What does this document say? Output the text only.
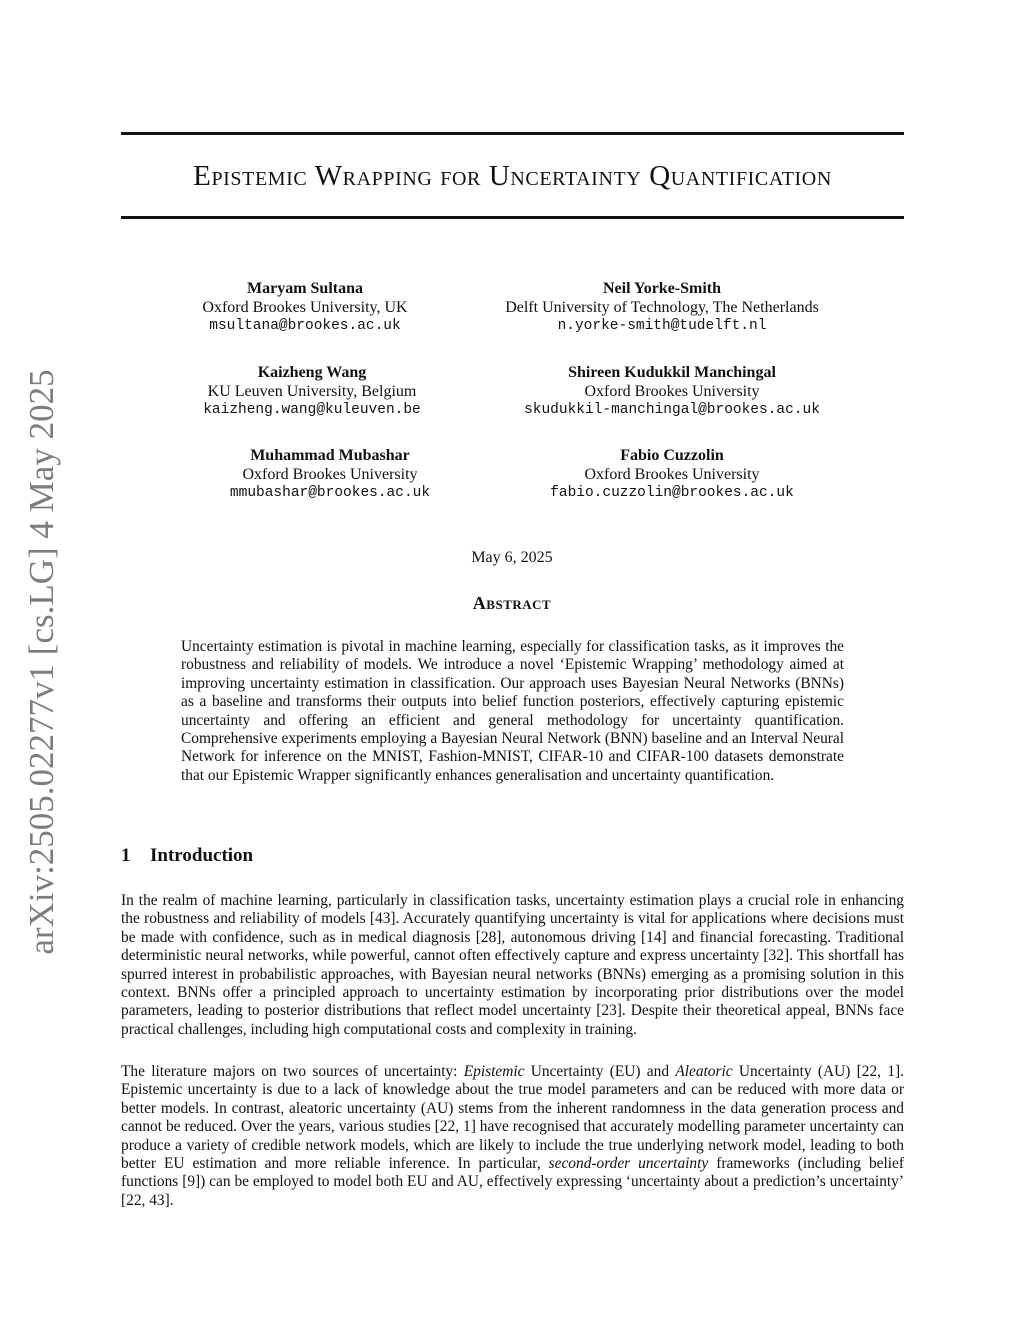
arXiv:2505.02277v1 [cs.LG] 4 May 2025
Epistemic Wrapping for Uncertainty Quantification
Maryam Sultana
Oxford Brookes University, UK
msultana@brookes.ac.uk
Neil Yorke-Smith
Delft University of Technology, The Netherlands
n.yorke-smith@tudelft.nl
Kaizheng Wang
KU Leuven University, Belgium
kaizheng.wang@kuleuven.be
Shireen Kudukkil Manchingal
Oxford Brookes University
skudukkil-manchingal@brookes.ac.uk
Muhammad Mubashar
Oxford Brookes University
mmubashar@brookes.ac.uk
Fabio Cuzzolin
Oxford Brookes University
fabio.cuzzolin@brookes.ac.uk
May 6, 2025
Abstract
Uncertainty estimation is pivotal in machine learning, especially for classification tasks, as it improves the robustness and reliability of models. We introduce a novel ‘Epistemic Wrapping’ methodology aimed at improving uncertainty estimation in classification. Our approach uses Bayesian Neural Networks (BNNs) as a baseline and transforms their outputs into belief function posteriors, effectively capturing epistemic uncertainty and offering an efficient and general methodology for uncertainty quantification. Comprehensive experiments employing a Bayesian Neural Network (BNN) baseline and an Interval Neural Network for inference on the MNIST, Fashion-MNIST, CIFAR-10 and CIFAR-100 datasets demonstrate that our Epistemic Wrapper significantly enhances generalisation and uncertainty quantification.
1 Introduction
In the realm of machine learning, particularly in classification tasks, uncertainty estimation plays a crucial role in enhancing the robustness and reliability of models [43]. Accurately quantifying uncertainty is vital for applications where decisions must be made with confidence, such as in medical diagnosis [28], autonomous driving [14] and financial forecasting. Traditional deterministic neural networks, while powerful, cannot often effectively capture and express uncertainty [32]. This shortfall has spurred interest in probabilistic approaches, with Bayesian neural networks (BNNs) emerging as a promising solution in this context. BNNs offer a principled approach to uncertainty estimation by incorporating prior distributions over the model parameters, leading to posterior distributions that reflect model uncertainty [23]. Despite their theoretical appeal, BNNs face practical challenges, including high computational costs and complexity in training.
The literature majors on two sources of uncertainty: Epistemic Uncertainty (EU) and Aleatoric Uncertainty (AU) [22, 1]. Epistemic uncertainty is due to a lack of knowledge about the true model parameters and can be reduced with more data or better models. In contrast, aleatoric uncertainty (AU) stems from the inherent randomness in the data generation process and cannot be reduced. Over the years, various studies [22, 1] have recognised that accurately modelling parameter uncertainty can produce a variety of credible network models, which are likely to include the true underlying network model, leading to both better EU estimation and more reliable inference. In particular, second-order uncertainty frameworks (including belief functions [9]) can be employed to model both EU and AU, effectively expressing ‘uncertainty about a prediction’s uncertainty’ [22, 43].
